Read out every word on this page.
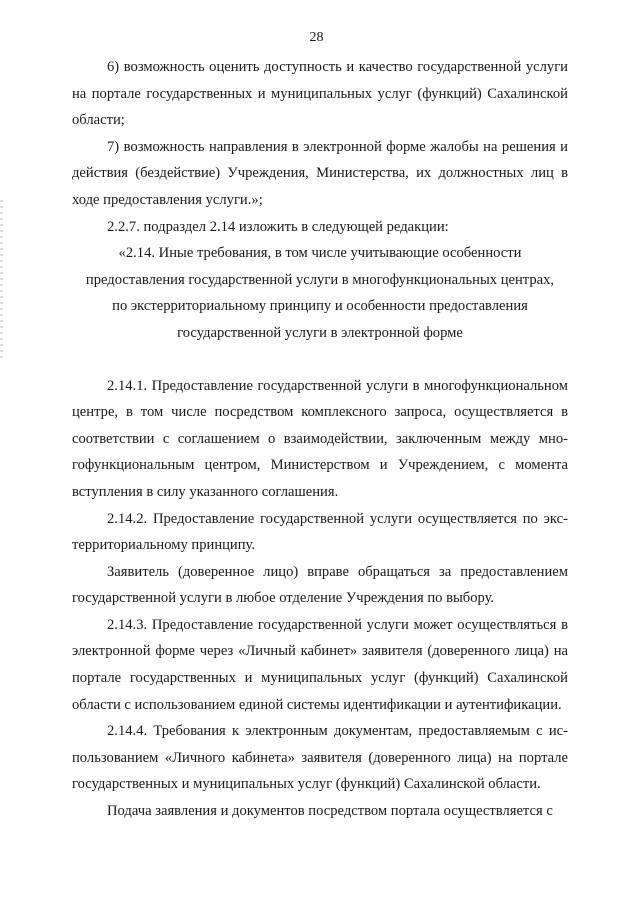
28

6) возможность оценить доступность и качество государственной услуги на портале государственных и муниципальных услуг (функций) Сахалинской области;

7) возможность направления в электронной форме жалобы на решения и действия (бездействие) Учреждения, Министерства, их должностных лиц в ходе предоставления услуги.»;

2.2.7. подраздел 2.14 изложить в следующей редакции:

«2.14. Иные требования, в том числе учитывающие особенности предоставления государственной услуги в многофункциональных центрах, по экстерриториальному принципу и особенности предоставления государственной услуги в электронной форме

2.14.1. Предоставление государственной услуги в многофункциональном центре, в том числе посредством комплексного запроса, осуществляется в соответствии с соглашением о взаимодействии, заключенным между многофункциональным центром, Министерством и Учреждением, с момента вступления в силу указанного соглашения.

2.14.2. Предоставление государственной услуги осуществляется по экстерриториальному принципу.

Заявитель (доверенное лицо) вправе обращаться за предоставлением государственной услуги в любое отделение Учреждения по выбору.

2.14.3. Предоставление государственной услуги может осуществляться в электронной форме через «Личный кабинет» заявителя (доверенного лица) на портале государственных и муниципальных услуг (функций) Сахалинской области с использованием единой системы идентификации и аутентификации.

2.14.4. Требования к электронным документам, предоставляемым с использованием «Личного кабинета» заявителя (доверенного лица) на портале государственных и муниципальных услуг (функций) Сахалинской области.

Подача заявления и документов посредством портала осуществляется с
